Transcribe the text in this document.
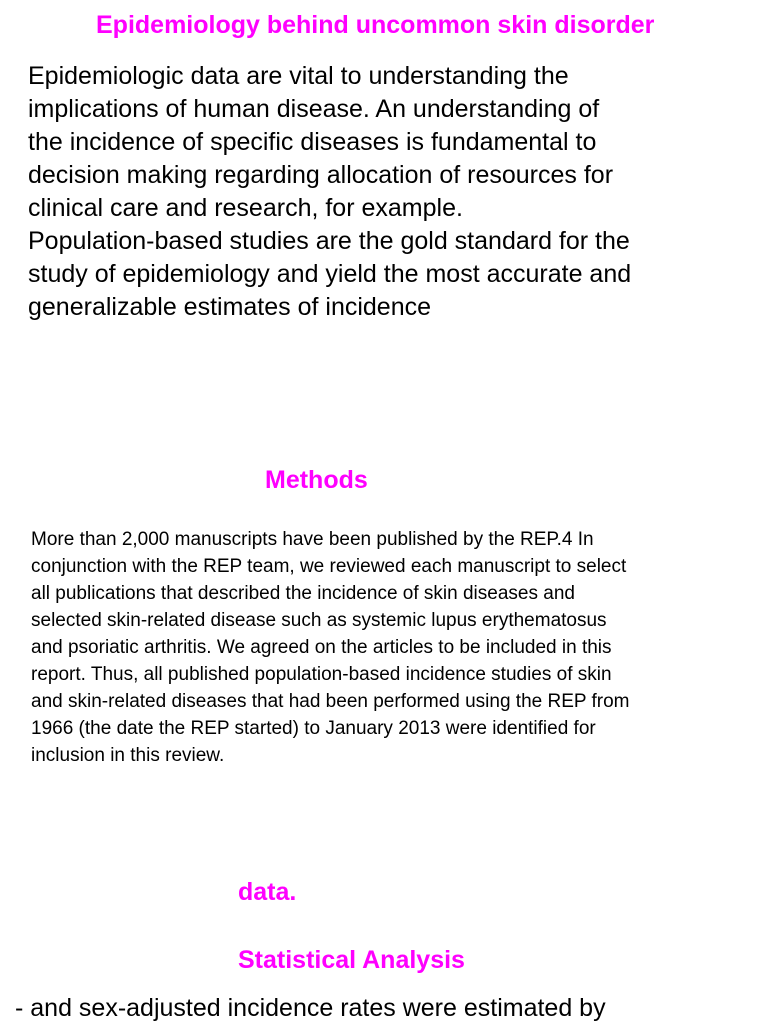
Epidemiology behind uncommon skin disorder
Epidemiologic data are vital to understanding the
implications of human disease. An understanding of
the incidence of specific diseases is fundamental to
decision making regarding allocation of resources for
clinical care and research, for example.
Population-based studies are the gold standard for the
study of epidemiology and yield the most accurate and
generalizable estimates of incidence
Methods
More than 2,000 manuscripts have been published by the REP.4 In
conjunction with the REP team, we reviewed each manuscript to select
all publications that described the incidence of skin diseases and
selected skin-related disease such as systemic lupus erythematosus
and psoriatic arthritis. We agreed on the articles to be included in this
report. Thus, all published population-based incidence studies of skin
and skin-related diseases that had been performed using the REP from
1966 (the date the REP started) to January 2013 were identified for
inclusion in this review.
data.
Statistical Analysis

- and sex-adjusted incidence rates were estimated by
